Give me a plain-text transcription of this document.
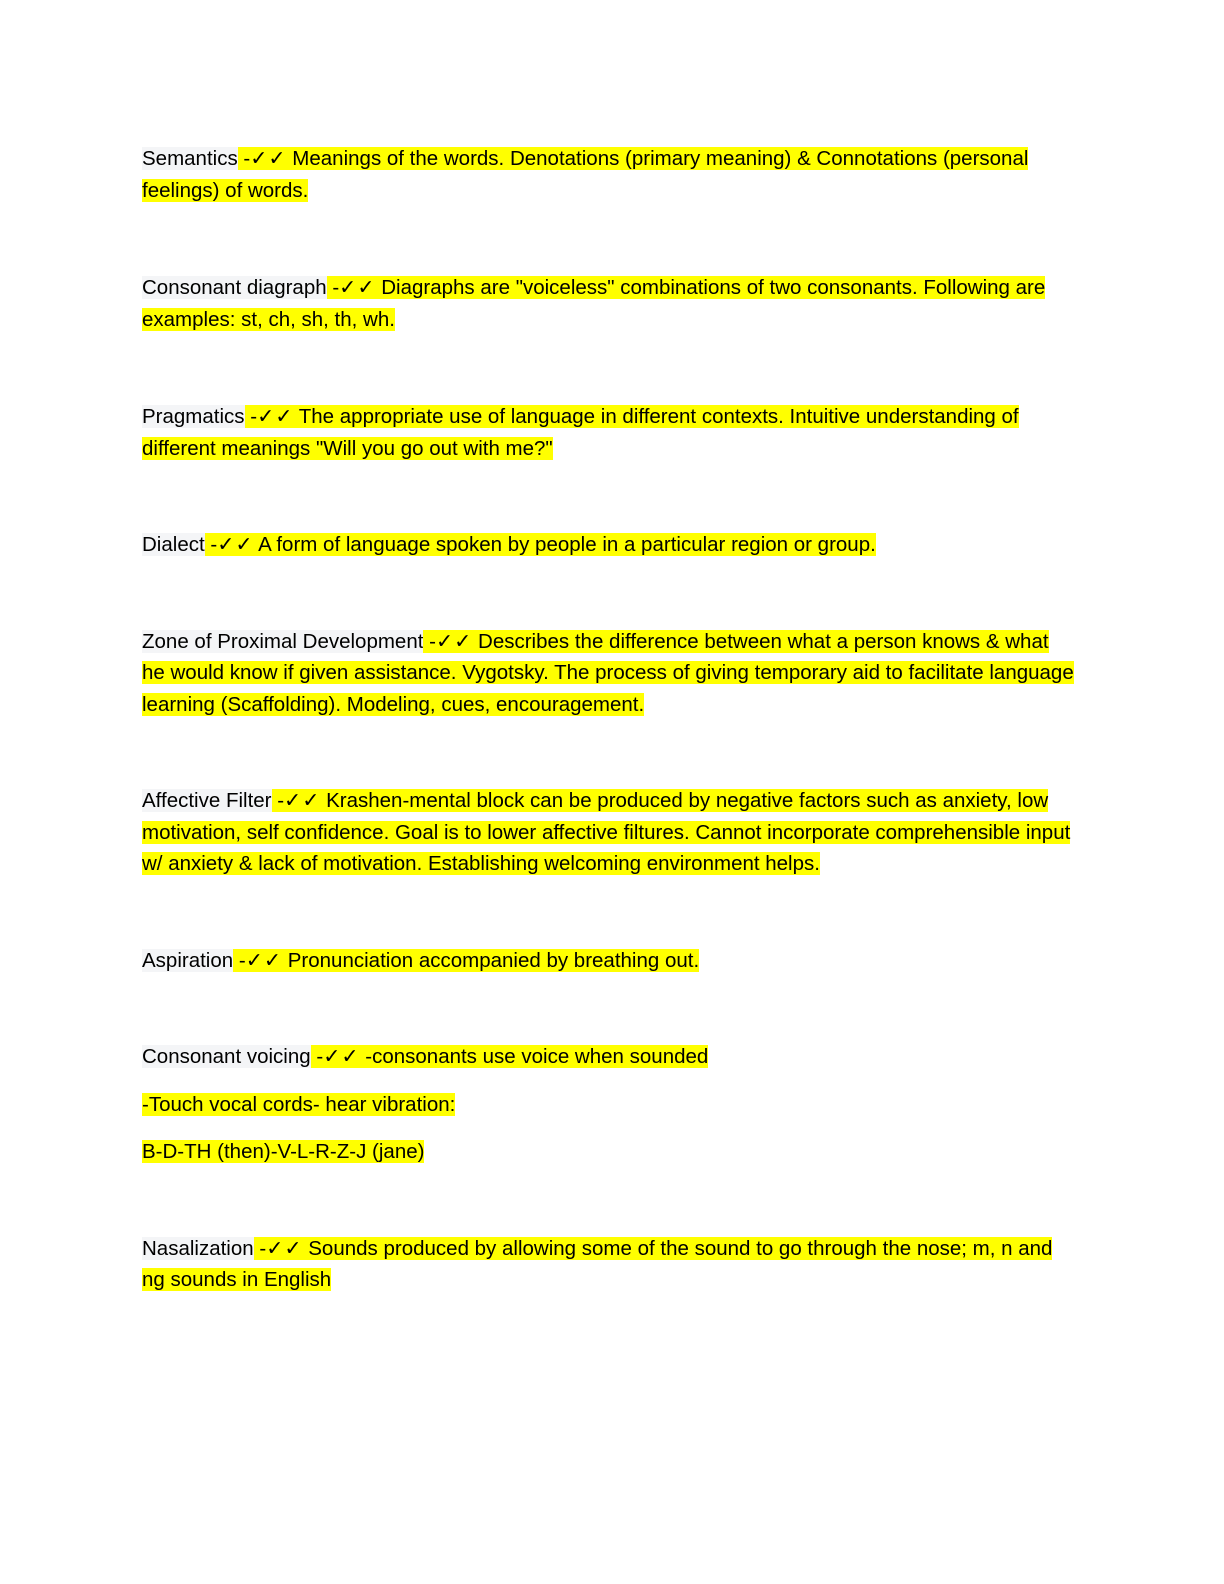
Semantics -✓✓ Meanings of the words. Denotations (primary meaning) & Connotations (personal feelings) of words.

Consonant diagraph -✓✓ Diagraphs are "voiceless" combinations of two consonants. Following are examples: st, ch, sh, th, wh.

Pragmatics -✓✓ The appropriate use of language in different contexts. Intuitive understanding of different meanings "Will you go out with me?"

Dialect -✓✓ A form of language spoken by people in a particular region or group.

Zone of Proximal Development -✓✓ Describes the difference between what a person knows & what he would know if given assistance. Vygotsky. The process of giving temporary aid to facilitate language learning (Scaffolding). Modeling, cues, encouragement.

Affective Filter -✓✓ Krashen-mental block can be produced by negative factors such as anxiety, low motivation, self confidence. Goal is to lower affective filtures. Cannot incorporate comprehensible input w/ anxiety & lack of motivation. Establishing welcoming environment helps.

Aspiration -✓✓ Pronunciation accompanied by breathing out.

Consonant voicing -✓✓ -consonants use voice when sounded

-Touch vocal cords- hear vibration:

B-D-TH (then)-V-L-R-Z-J (jane)

Nasalization -✓✓ Sounds produced by allowing some of the sound to go through the nose; m, n and ng sounds in English
